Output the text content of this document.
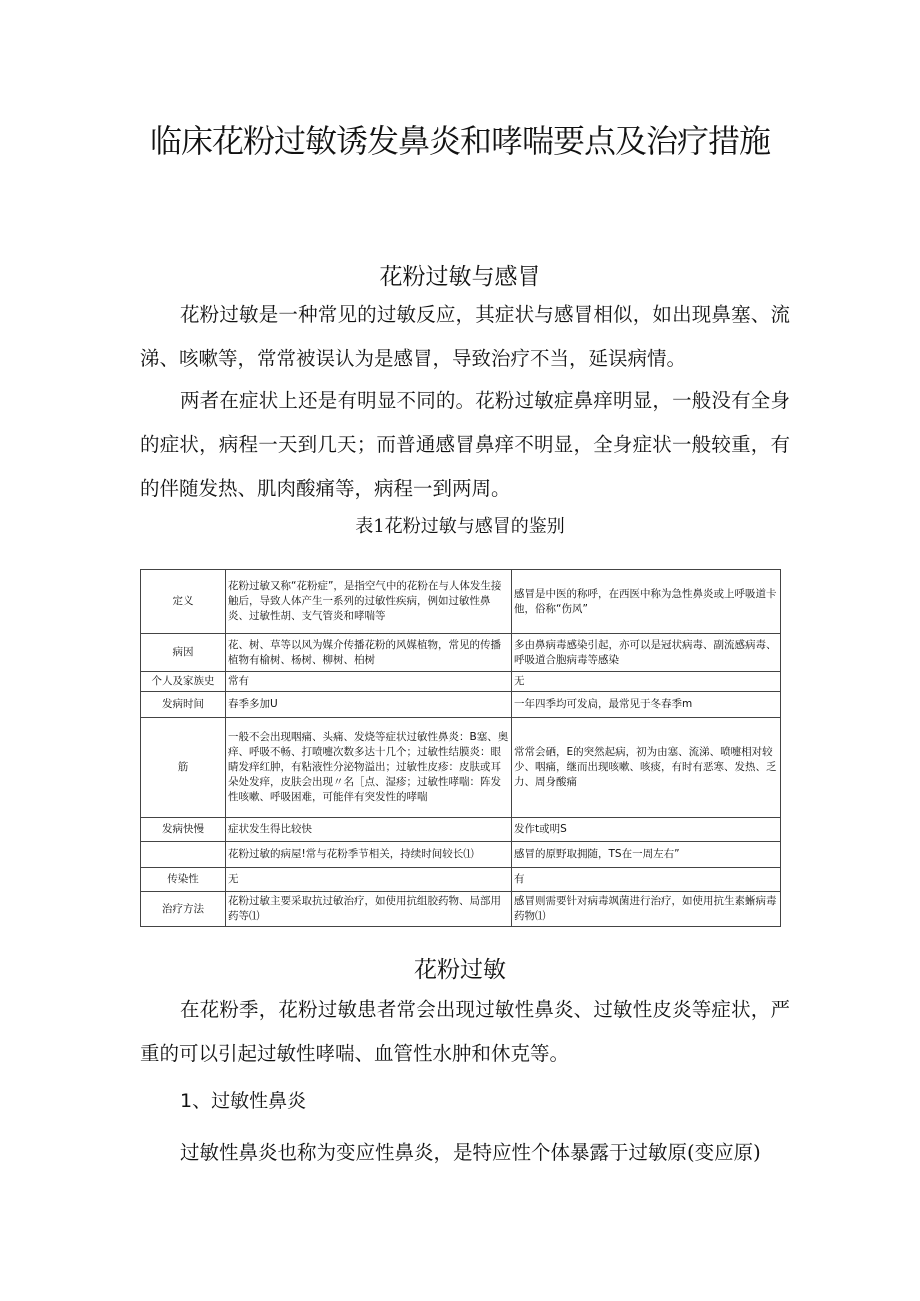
临床花粉过敏诱发鼻炎和哮喘要点及治疗措施
花粉过敏与感冒

花粉过敏是一种常见的过敏反应，其症状与感冒相似，如出现鼻塞、流涕、咳嗽等，常常被误认为是感冒，导致治疗不当，延误病情。

两者在症状上还是有明显不同的。花粉过敏症鼻痒明显，一般没有全身的症状，病程一天到几天；而普通感冒鼻痒不明显，全身症状一般较重，有的伴随发热、肌肉酸痛等，病程一到两周。

表1花粉过敏与感冒的鉴别
定义	花粉过敏又称“花粉症”，是指空气中的花粉在与人体发生接触后，导致人体产生一系列的过敏性疾病，例如过敏性鼻炎、过敏性胡、支气管炎和哮喘等	感冒是中医的称呼，在西医中称为急性鼻炎或上呼吸道卡他，俗称“伤风”
病因	花、树、草等以风为媒介传播花粉的风媒植物，常见的传播植物有榆树、杨树、柳树、柏树	多由鼻病毒感染引起，亦可以是冠状病毒、副流感病毒、呼吸道合胞病毒等感染
个人及家族史	常有	无
发病时间	春季多加U	一年四季均可发扃，最常见于冬春季m
筋	一般不会出现咽痛、头痛、发烧等症状过敏性鼻炎：B塞、奥痒、呼吸不畅、打喷嚏次数多达十几个；过敏性结膜炎：眼睛发痒红肿，有粘液性分泌物溢出；过敏性皮疹：皮肤或耳朵处发痒，皮肤会出现〃名［点、湿疹；过敏性哮喘：阵发性咳嗽、呼吸困难，可能伴有突发性的哮喘	常常会硒，E的突然起病，初为由塞、流涕、喷嚏相对较少、咽痛，继而出现咳嗽、咳痰，有时有恶寒、发热、乏力、周身酸痛
发病快慢	症状发生得比较快	发作t或明S
	花粉过敏的病屋!常与花粉季节相关，持续时间较长⑴	感冒的原野取拥随，TS在一周左右”
传染性	无	有
治疗方法	花粉过敏主要采取抗过敏治疗，如使用抗组胶药物、局部用药等⑴	感冒则需要针对病毒飒菌进行治疗，如使用抗生素蜥病毒药物⑴
花粉过敏

在花粉季，花粉过敏患者常会出现过敏性鼻炎、过敏性皮炎等症状，严重的可以引起过敏性哮喘、血管性水肿和休克等。

1、过敏性鼻炎

过敏性鼻炎也称为变应性鼻炎，是特应性个体暴露于过敏原(变应原)
